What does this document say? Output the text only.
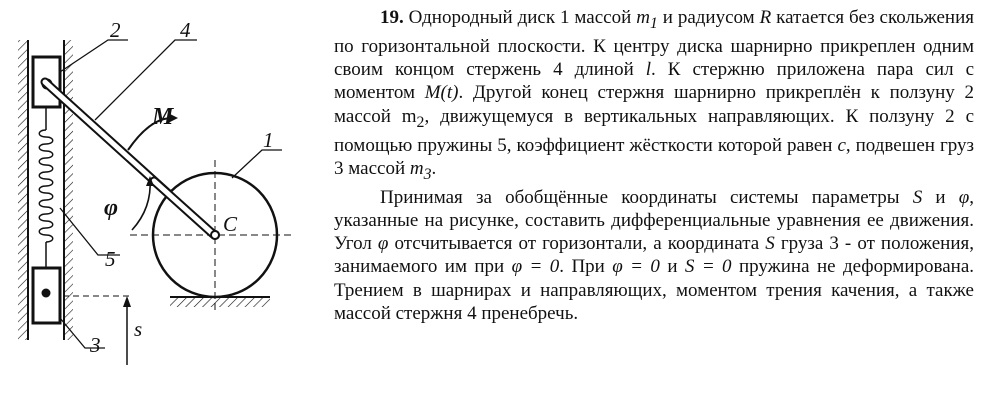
2	4
1
5
3
M
φ
C
s

19. Однородный диск 1 массой $m_1$ и радиусом R катается без скольжения по горизонтальной плоскости. К центру диска шарнирно прикреплен одним своим концом стержень 4 длиной l. К стержню приложена пара сил с моментом M(t). Другой конец стержня шарнирно прикреплён к ползуну 2 массой $m_2$, движущемуся в вертикальных направляющих. К ползуну 2 с помощью пружины 5, коэффициент жёсткости которой равен c, подвешен груз 3 массой $m_3$.

Принимая за обобщённые координаты системы параметры S и φ, указанные на рисунке, составить дифференциальные уравнения ее движения. Угол φ отсчитывается от горизонтали, а координата S груза 3 - от положения, занимаемого им при φ = 0. При φ = 0 и S = 0 пружина не деформирована. Трением в шарнирах и направляющих, моментом трения качения, а также массой стержня 4 пренебречь.
